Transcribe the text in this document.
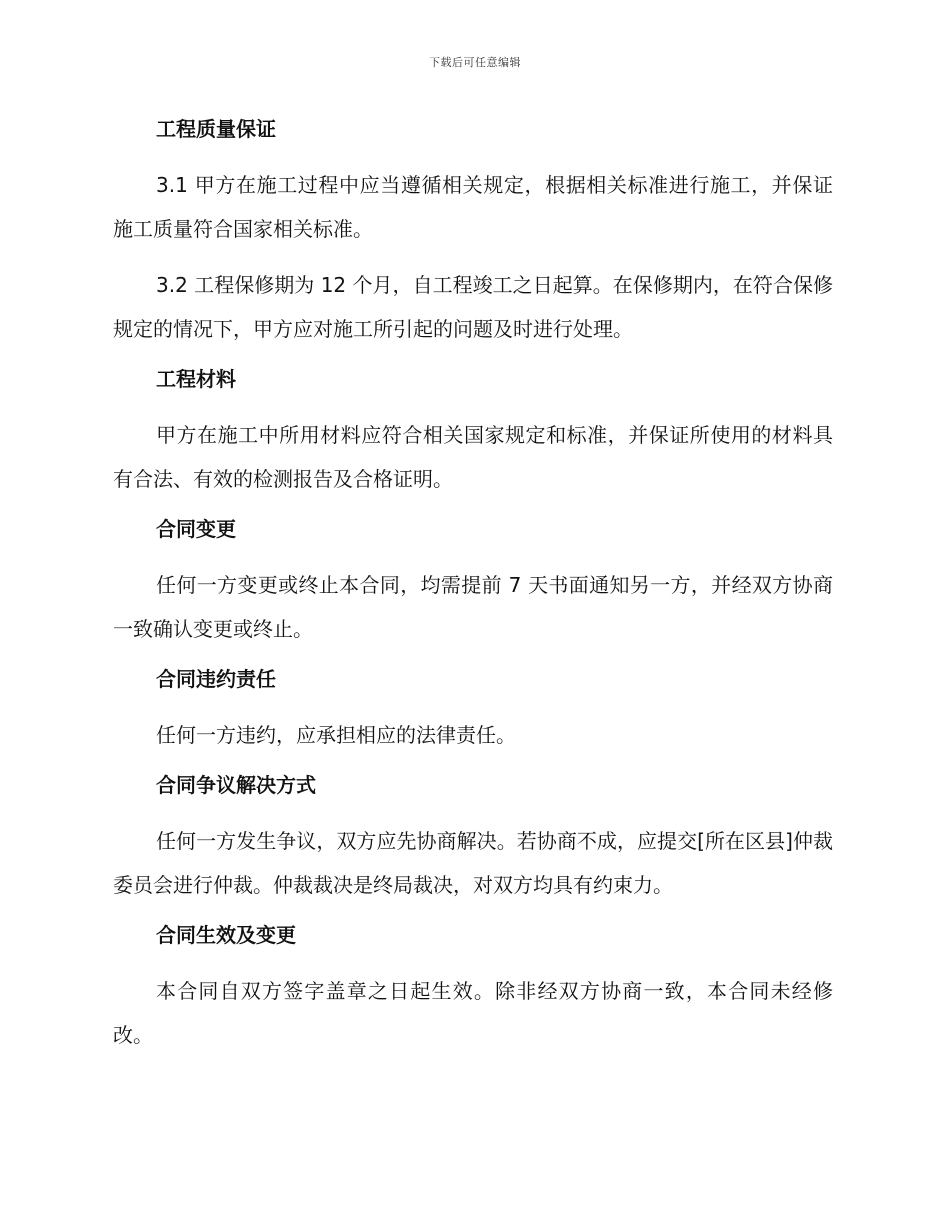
下载后可任意编辑
工程质量保证

3.1 甲方在施工过程中应当遵循相关规定，根据相关标准进行施工，并保证施工质量符合国家相关标准。

3.2 工程保修期为 12 个月，自工程竣工之日起算。在保修期内，在符合保修规定的情况下，甲方应对施工所引起的问题及时进行处理。

工程材料

甲方在施工中所用材料应符合相关国家规定和标准，并保证所使用的材料具有合法、有效的检测报告及合格证明。

合同变更

任何一方变更或终止本合同，均需提前 7 天书面通知另一方，并经双方协商一致确认变更或终止。

合同违约责任

任何一方违约，应承担相应的法律责任。

合同争议解决方式

任何一方发生争议，双方应先协商解决。若协商不成，应提交[所在区县]仲裁委员会进行仲裁。仲裁裁决是终局裁决，对双方均具有约束力。

合同生效及变更

本合同自双方签字盖章之日起生效。除非经双方协商一致，本合同未经修改。
